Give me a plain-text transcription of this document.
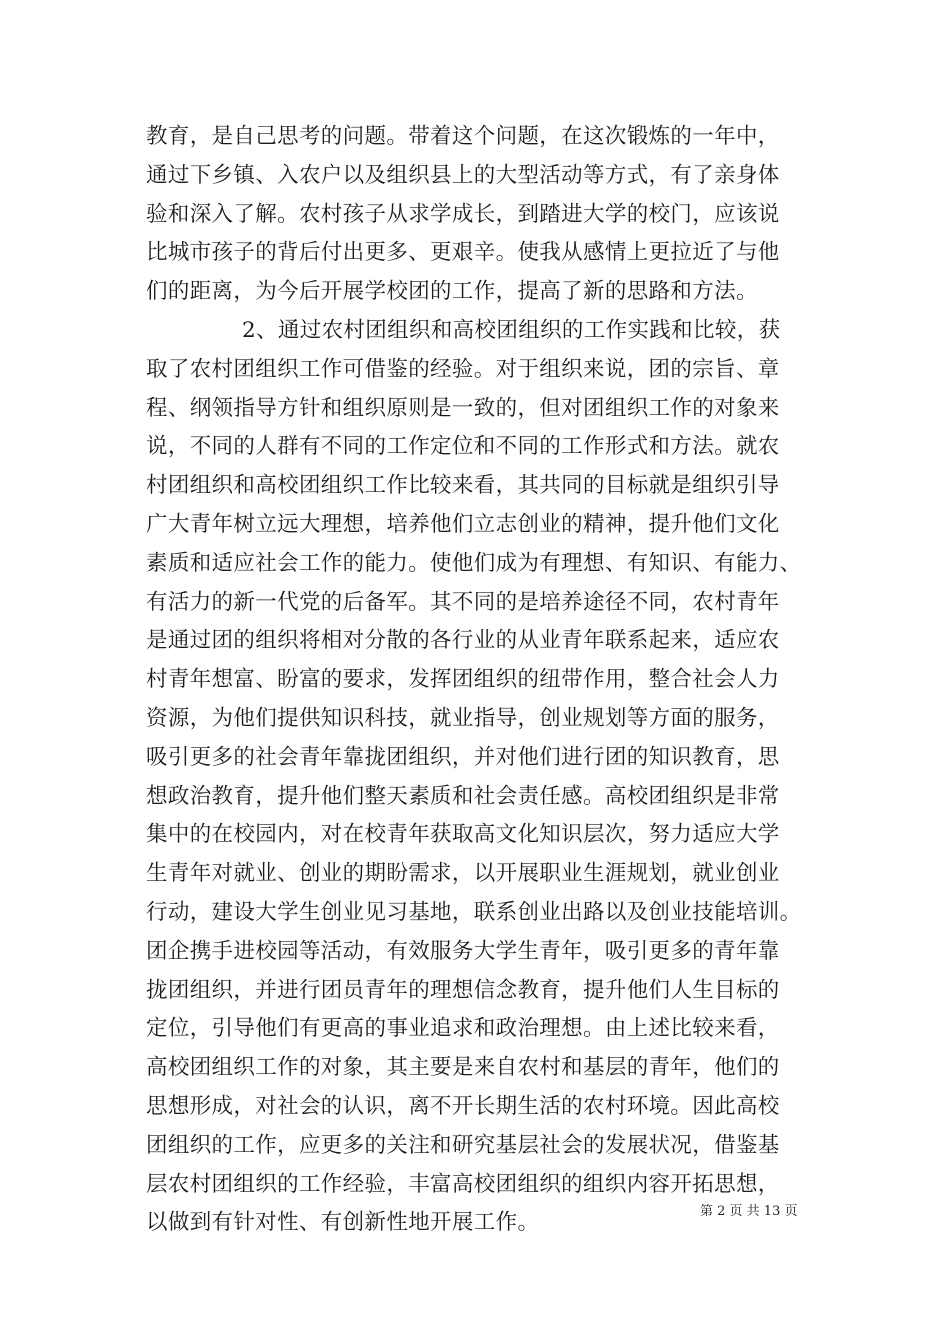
教育，是自己思考的问题。带着这个问题，在这次锻炼的一年中，
通过下乡镇、入农户以及组织县上的大型活动等方式，有了亲身体
验和深入了解。农村孩子从求学成长，到踏进大学的校门，应该说
比城市孩子的背后付出更多、更艰辛。使我从感情上更拉近了与他
们的距离，为今后开展学校团的工作，提高了新的思路和方法。
2、通过农村团组织和高校团组织的工作实践和比较，获
取了农村团组织工作可借鉴的经验。对于组织来说，团的宗旨、章
程、纲领指导方针和组织原则是一致的，但对团组织工作的对象来
说，不同的人群有不同的工作定位和不同的工作形式和方法。就农
村团组织和高校团组织工作比较来看，其共同的目标就是组织引导
广大青年树立远大理想，培养他们立志创业的精神，提升他们文化
素质和适应社会工作的能力。使他们成为有理想、有知识、有能力、
有活力的新一代党的后备军。其不同的是培养途径不同，农村青年
是通过团的组织将相对分散的各行业的从业青年联系起来，适应农
村青年想富、盼富的要求，发挥团组织的纽带作用，整合社会人力
资源，为他们提供知识科技，就业指导，创业规划等方面的服务，
吸引更多的社会青年靠拢团组织，并对他们进行团的知识教育，思
想政治教育，提升他们整天素质和社会责任感。高校团组织是非常
集中的在校园内，对在校青年获取高文化知识层次，努力适应大学
生青年对就业、创业的期盼需求，以开展职业生涯规划，就业创业
行动，建设大学生创业见习基地，联系创业出路以及创业技能培训。
团企携手进校园等活动，有效服务大学生青年，吸引更多的青年靠
拢团组织，并进行团员青年的理想信念教育，提升他们人生目标的
定位，引导他们有更高的事业追求和政治理想。由上述比较来看，
高校团组织工作的对象，其主要是来自农村和基层的青年，他们的
思想形成，对社会的认识，离不开长期生活的农村环境。因此高校
团组织的工作，应更多的关注和研究基层社会的发展状况，借鉴基
层农村团组织的工作经验，丰富高校团组织的组织内容开拓思想，
以做到有针对性、有创新性地开展工作。	第 2 页 共 13 页
